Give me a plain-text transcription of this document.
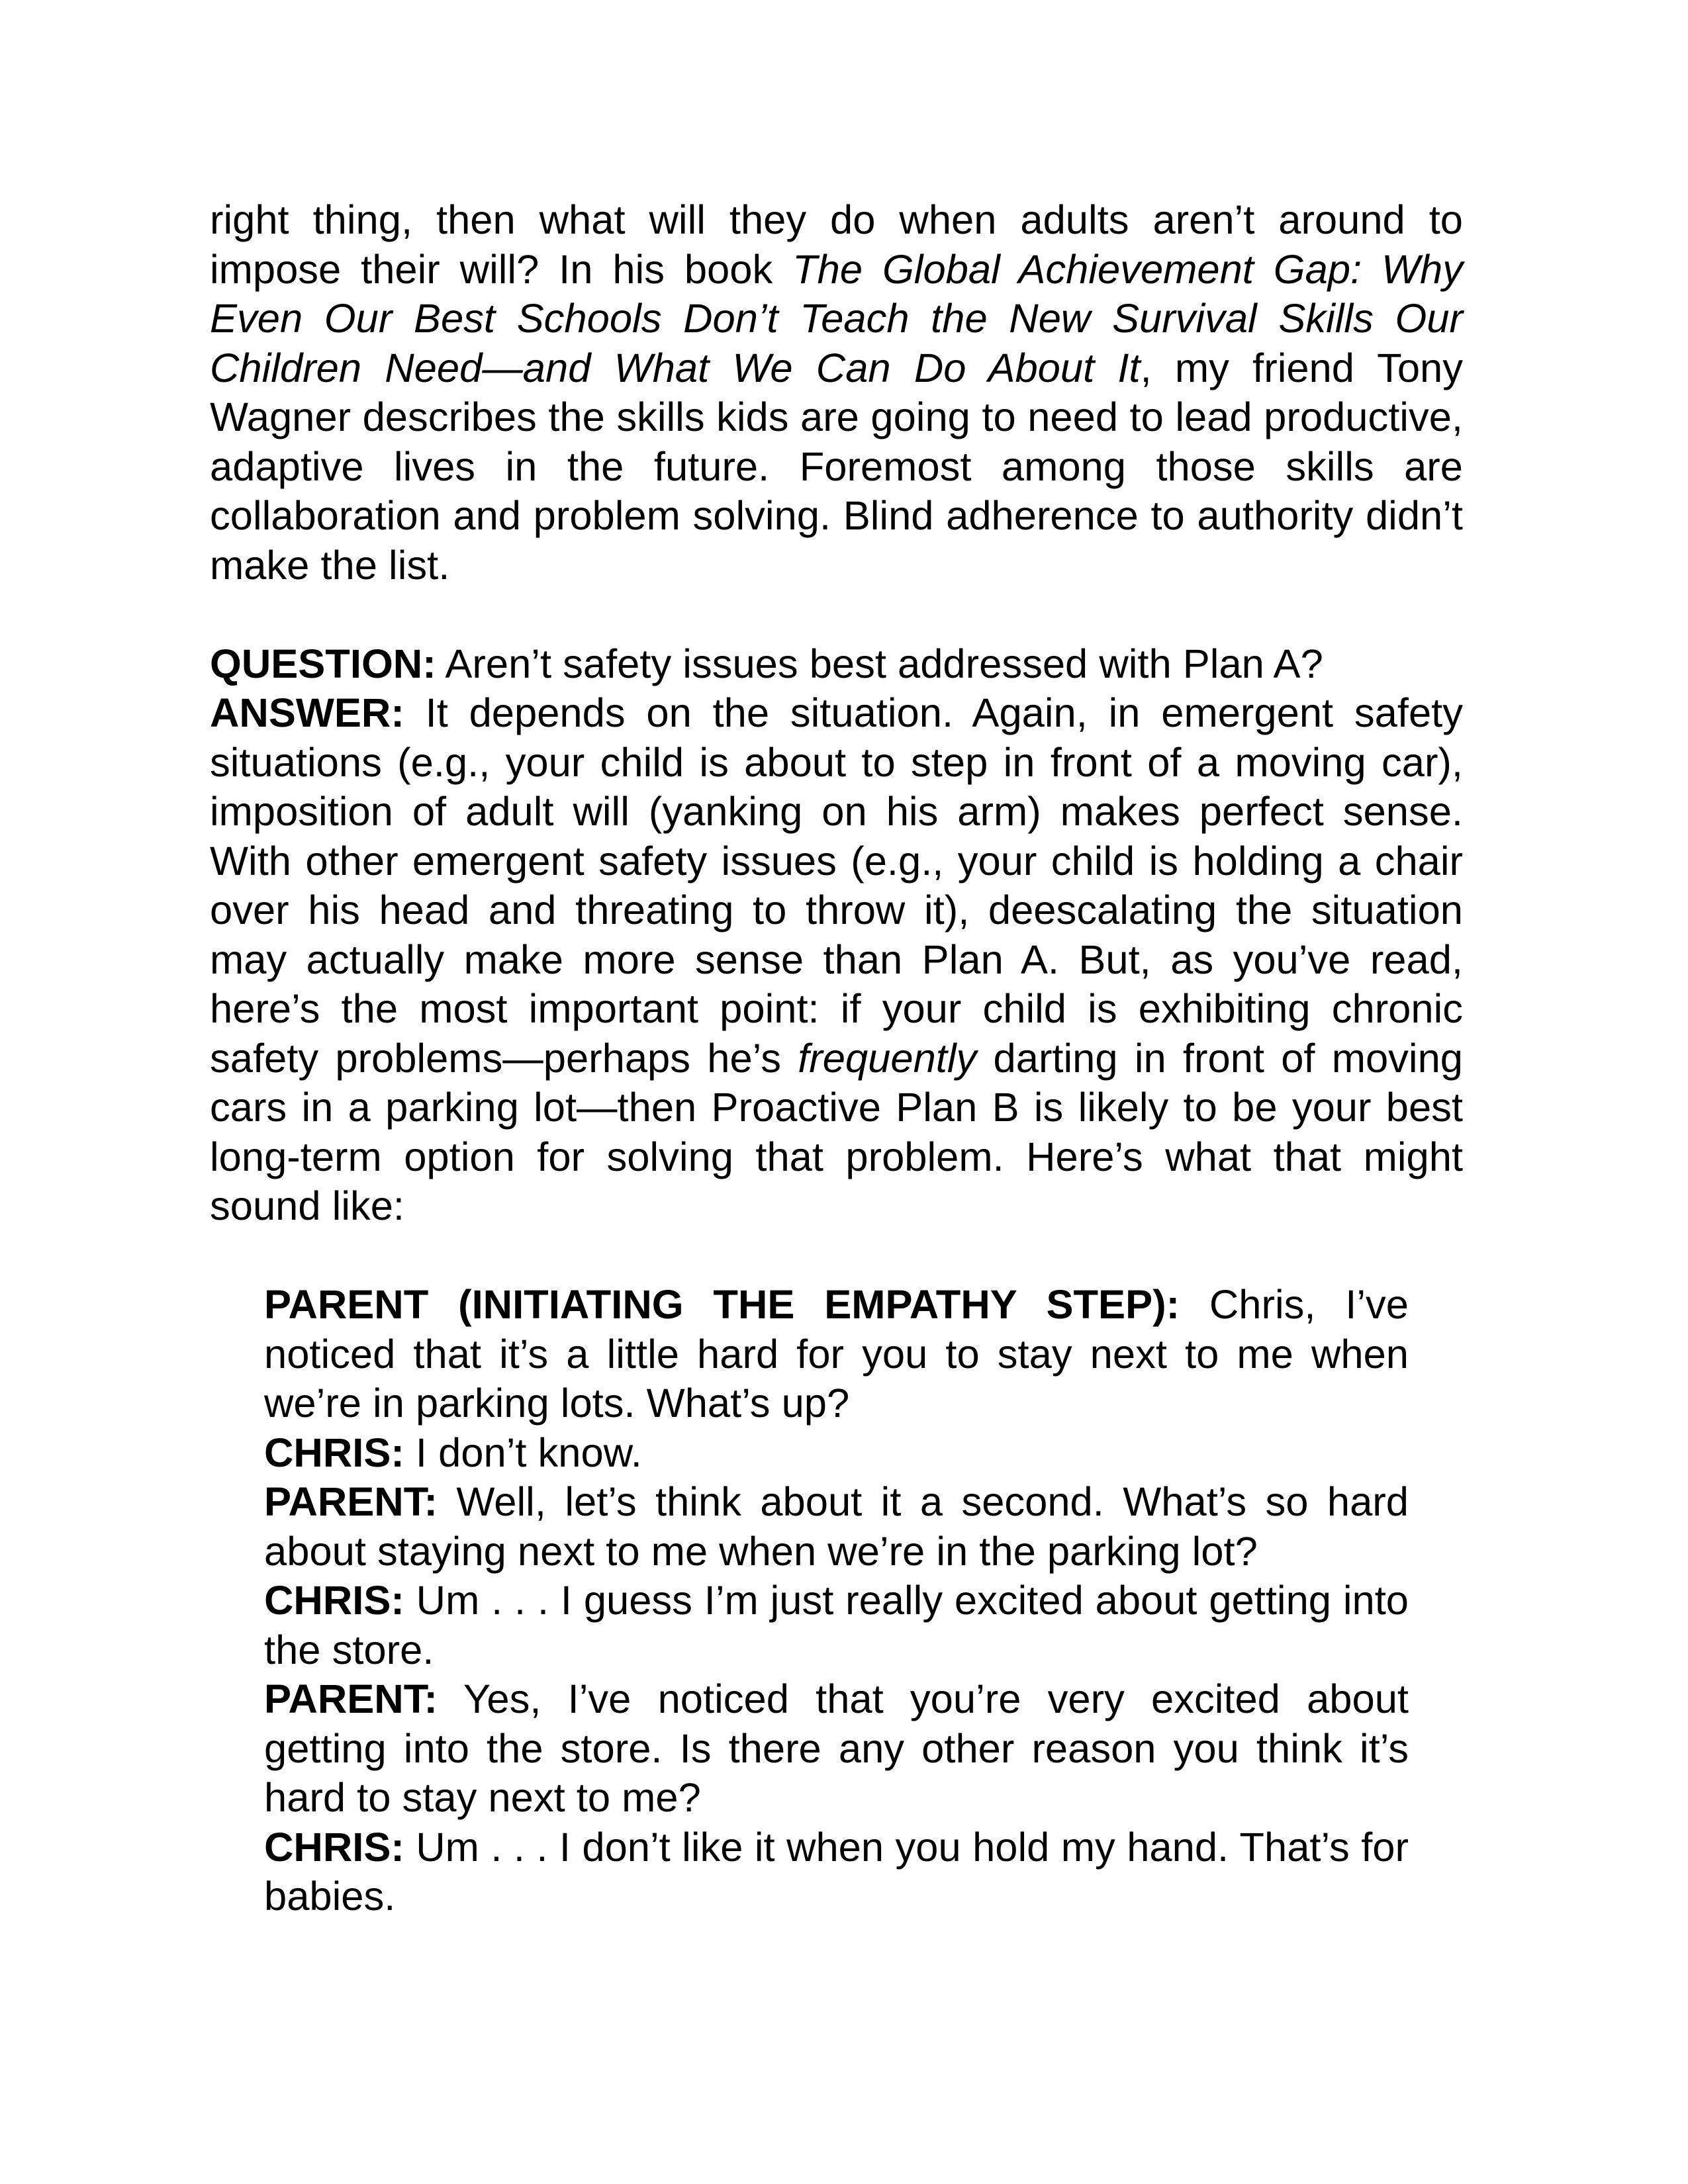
right thing, then what will they do when adults aren’t around to impose their will? In his book The Global Achievement Gap: Why Even Our Best Schools Don’t Teach the New Survival Skills Our Children Need—and What We Can Do About It, my friend Tony Wagner describes the skills kids are going to need to lead productive, adaptive lives in the future. Foremost among those skills are collaboration and problem solving. Blind adherence to authority didn’t make the list.

QUESTION: Aren’t safety issues best addressed with Plan A?

ANSWER: It depends on the situation. Again, in emergent safety situations (e.g., your child is about to step in front of a moving car), imposition of adult will (yanking on his arm) makes perfect sense. With other emergent safety issues (e.g., your child is holding a chair over his head and threating to throw it), deescalating the situation may actually make more sense than Plan A. But, as you’ve read, here’s the most important point: if your child is exhibiting chronic safety problems—perhaps he’s frequently darting in front of moving cars in a parking lot—then Proactive Plan B is likely to be your best long-term option for solving that problem. Here’s what that might sound like:

PARENT (INITIATING THE EMPATHY STEP): Chris, I’ve noticed that it’s a little hard for you to stay next to me when we’re in parking lots. What’s up?

CHRIS: I don’t know.

PARENT: Well, let’s think about it a second. What’s so hard about staying next to me when we’re in the parking lot?

CHRIS: Um . . . I guess I’m just really excited about getting into the store.

PARENT: Yes, I’ve noticed that you’re very excited about getting into the store. Is there any other reason you think it’s hard to stay next to me?

CHRIS: Um . . . I don’t like it when you hold my hand. That’s for babies.
